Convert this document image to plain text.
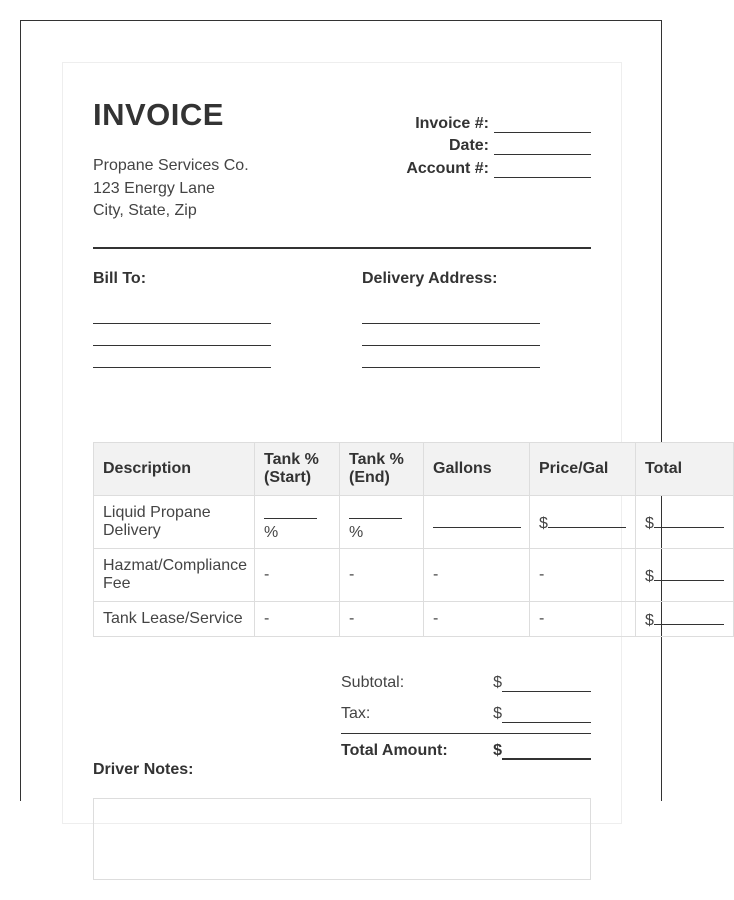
INVOICE
Propane Services Co.
123 Energy Lane
City, State, Zip
Invoice #:
Date:
Account #:
Bill To:	Delivery Address:
Description	Tank % (Start)	Tank % (End)	Gallons	Price/Gal	Total
Liquid Propane Delivery	%	%		$	$
Hazmat/Compliance Fee	-	-	-	-	$
Tank Lease/Service	-	-	-	-	$
Subtotal:	$
Tax:	$
Total Amount:	$
Driver Notes:
